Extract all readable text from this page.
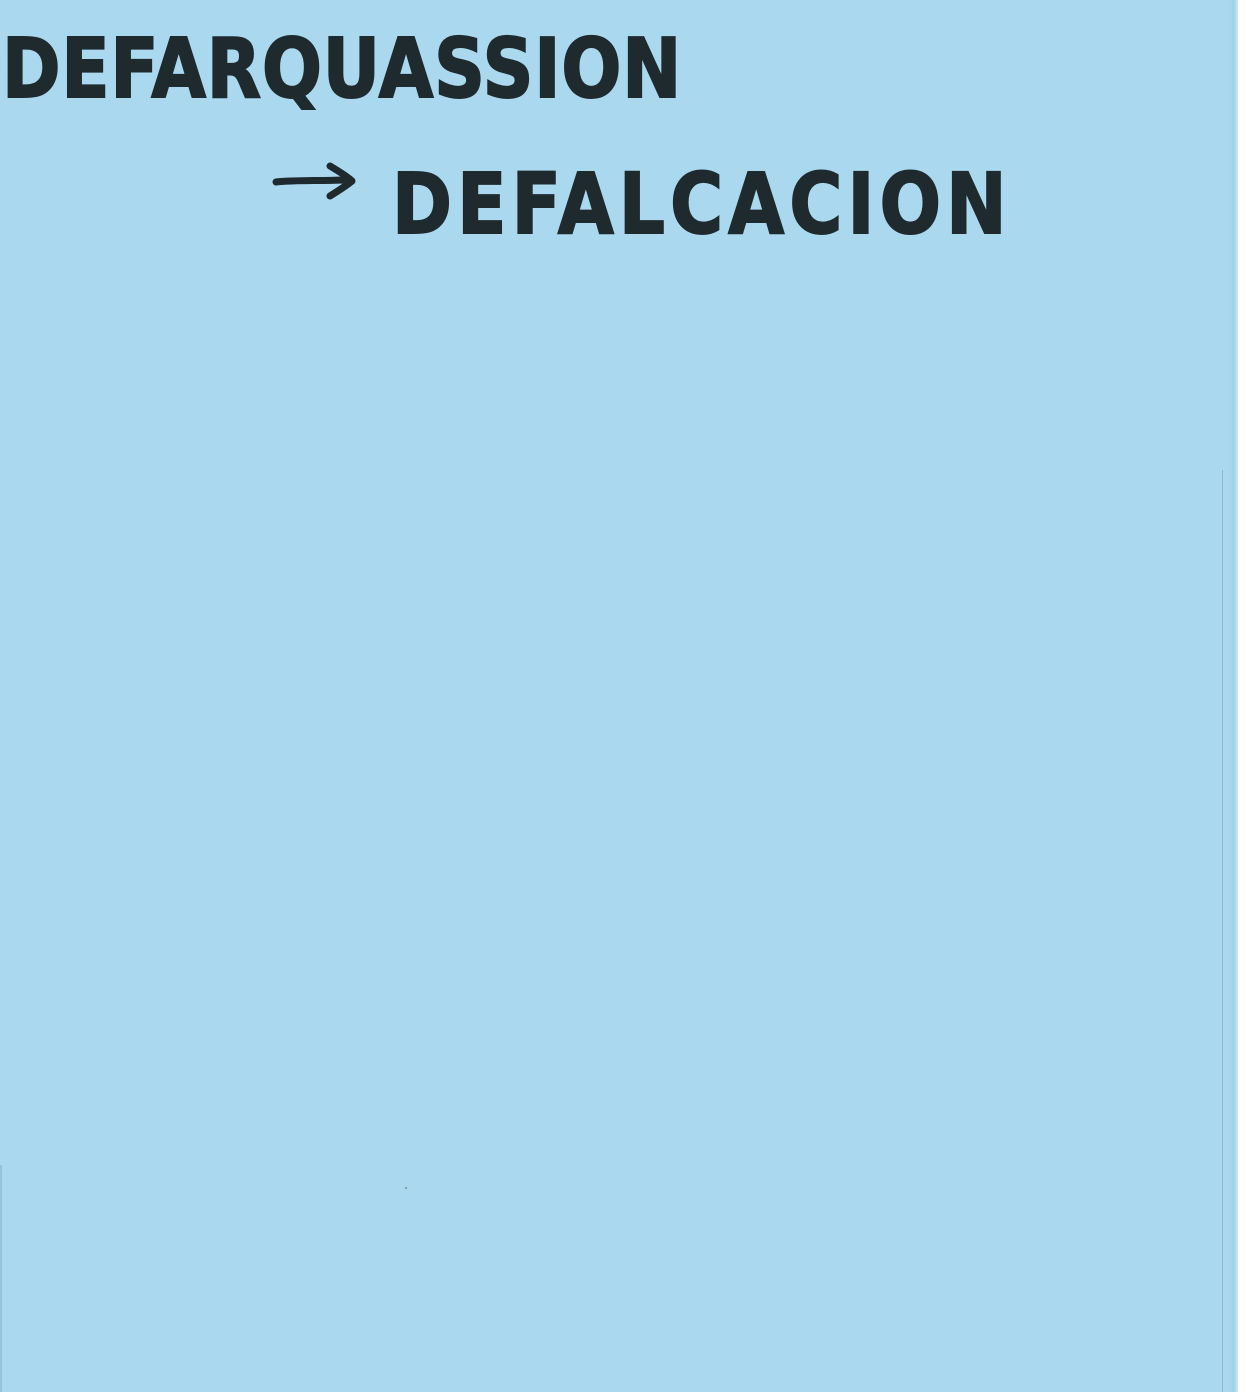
DEFARQUASSION
DEFALCACION
